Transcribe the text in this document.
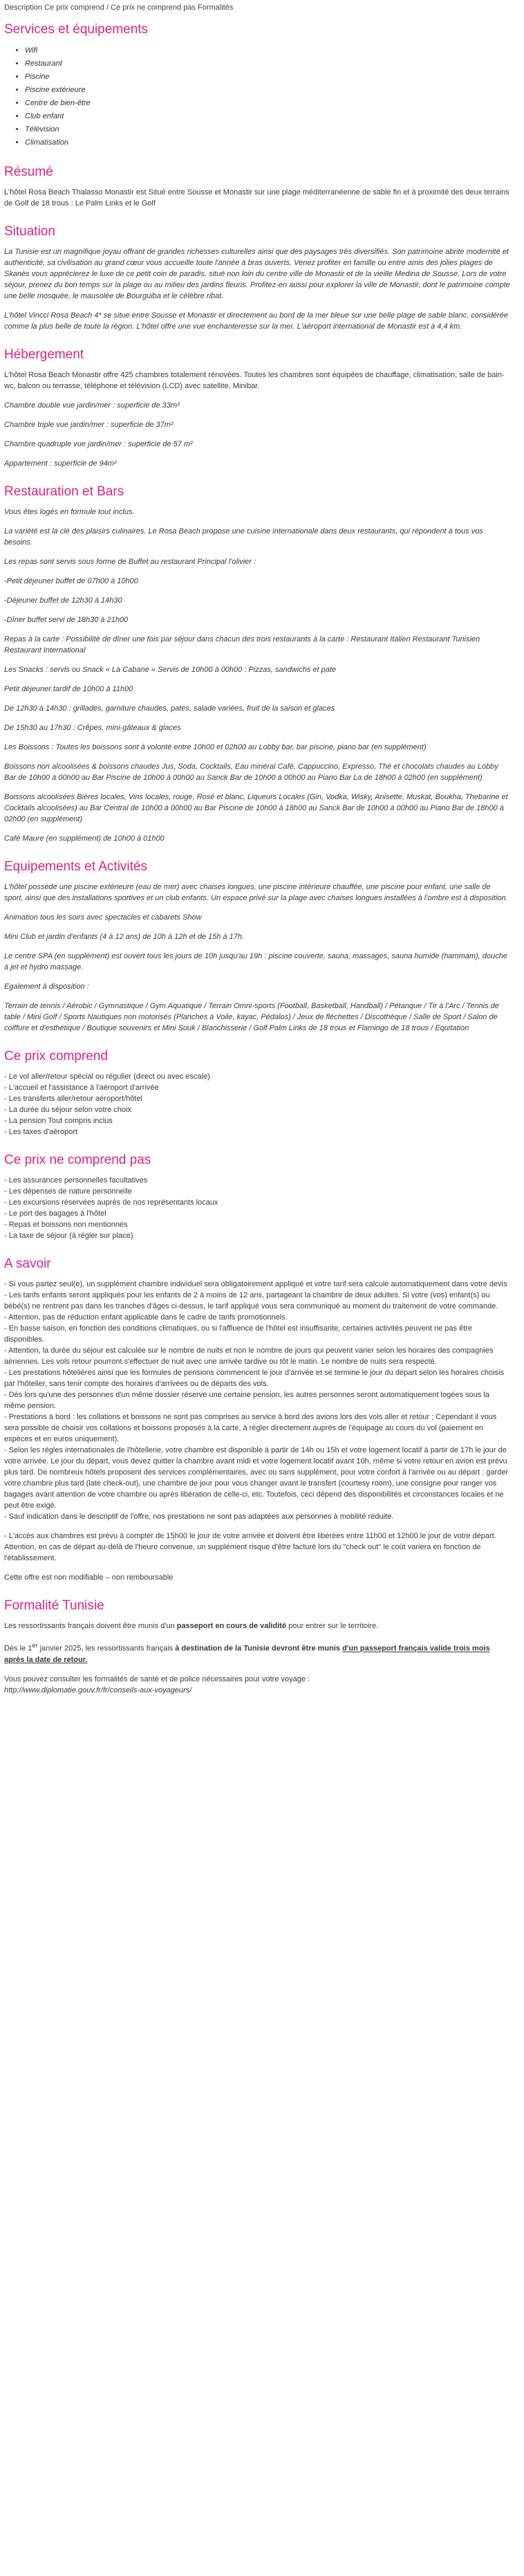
Description Ce prix comprend / Ce prix ne comprend pas Formalités
Services et équipements
• Wifi
• Restaurant
• Piscine
• Piscine extérieure
• Centre de bien-être
• Club enfant
• Télévision
• Climatisation
Résumé

L'hôtel Rosa Beach Thalasso Monastir est Situé entre Sousse et Monastir sur une plage méditerranéenne de sable fin et à proximité des deux terrains de Golf de 18 trous : Le Palm Links et le Golf

Situation

La Tunisie est un magnifique joyau offrant de grandes richesses culturelles ainsi que des paysages très diversifiés. Son patrimoine abrite modernité et authenticité, sa civilisation au grand cœur vous accueille toute l'année à bras ouverts. Venez profiter en famille ou entre amis des jolies plages de Skanès vous apprécierez le luxe de ce petit coin de paradis, situé non loin du centre ville de Monastir et de la vieille Medina de Sousse. Lors de votre séjour, prenez du bon temps sur la plage ou au milieu des jardins fleuris. Profitez-en aussi pour explorer la ville de Monastir, dont le patrimoine compte une belle mosquée, le mausolée de Bourguiba et le célèbre ribat.

L'hôtel Vincci Rosa Beach 4* se situe entre Sousse et Monastir et directement au bord de la mer bleue sur une belle plage de sable blanc, considérée comme la plus belle de toute la région. L'hôtel offre une vue enchanteresse sur la mer. L'aéroport international de Monastir est à 4,4 km.

Hébergement

L'hôtel Rosa Beach Monastir offre 425 chambres totalement rénovées. Toutes les chambres sont équipées de chauffage, climatisation, salle de bain-wc, balcon ou terrasse, téléphone et télévision (LCD) avec satellite, Minibar.

Chambre double vue jardin/mer : superficie de 33m²

Chambre triple vue jardin/mer : superficie de 37m²

Chambre quadruple vue jardin/mer : superficie de 57 m²

Appartement : superficie de 94m²

Restauration et Bars

Vous êtes logés en formule tout inclus.

La variété est la clé des plaisirs culinaires. Le Rosa Beach propose une cuisine internationale dans deux restaurants, qui répondent à tous vos besoins.

Les repas sont servis sous forme de Buffet au restaurant Principal l'olivier :

-Petit déjeuner buffet de 07h00 à 10h00

-Déjeuner buffet de 12h30 à 14h30

-Dîner buffet servi de 18h30 à 21h00

Repas à la carte : Possibilité de dîner une fois par séjour dans chacun des trois restaurants à la carte : Restaurant Italien Restaurant Tunisien Restaurant International

Les Snacks : servis ou Snack « La Cabane » Servis de 10h00 à 00h00 : Pizzas, sandwichs et pate

Petit déjeuner tardif de 10h00 à 11h00

De 12h30 à 14h30 : grillades, garniture chaudes, pates, salade variées, fruit de la saison et glaces

De 15h30 au 17h30 : Crêpes, mini-gâteaux & glaces

Les Boissons : Toutes les boissons sont à volonté entre 10h00 et 02h00 au Lobby bar, bar piscine, piano bar (en supplément)

Boissons non alcoolisées & boissons chaudes Jus, Soda, Cocktails, Eau minéral Café, Cappuccino, Expresso, Thé et chocolats chaudes au Lobby Bar de 10h00 à 00h00 au Bar Piscine de 10h00 à 00h00 au Sanck Bar de 10h00 à 00h00 au Piano Bar La de 18h00 à 02h00 (en supplément)

Boissons alcoolisées Bières locales, Vins locales, rouge, Rosé et blanc, Liqueurs Locales (Gin, Vodka, Wisky, Anisette, Muskat, Boukha, Thebarine et Cocktails alcoolisées) au Bar Central de 10h00 à 00h00 au Bar Piscine de 10h00 à 18h00 au Sanck Bar de 10h00 à 00h00 au Piano Bar de 18h00 à 02h00 (en supplément)

Café Maure (en supplément) de 10h00 à 01h00

Equipements et Activités

L'hôtel possède une piscine extérieure (eau de mer) avec chaises longues, une piscine intérieure chauffée, une piscine pour enfant, une salle de sport, ainsi que des installations sportives et un club enfants. Un espace privé sur la plage avec chaises longues installées à l'ombre est à disposition.

Animation tous les soirs avec spectacles et cabarets Show

Mini Club et jardin d'enfants (4 à 12 ans) de 10h à 12h et de 15h à 17h.

Le centre SPA (en supplément) est ouvert tous les jours de 10h jusqu'au 19h : piscine couverte, sauna, massages, sauna humide (hammam), douche à jet et hydro massage.

Egalement à disposition :

Terrain de tennis / Aérobic / Gymnastique / Gym Aquatique / Terrain Omni-sports (Football, Basketball, Handball) / Pétanque / Tir à l'Arc / Tennis de table / Mini Golf / Sports Nautiques non motorisés (Planches à Voile, kayac, Pédalos) / Jeux de fléchettes / Discothèque / Salle de Sport / Salon de coiffure et d'esthétique / Boutique souvenirs et Mini Souk / Blanchisserie / Golf Palm Links de 18 trous et Flamingo de 18 trous / Equitation

Ce prix comprend

- Le vol aller/retour spécial ou régulier (direct ou avec escale)

- L'accueil et l'assistance à l'aéroport d'arrivée

- Les transferts aller/retour aéroport/hôtel

- La durée du séjour selon votre choix

- La pension Tout compris inclus

- Les taxes d'aéroport

Ce prix ne comprend pas

- Les assurances personnelles facultatives

- Les dépenses de nature personnelle

- Les excursions réservées auprès de nos représentants locaux

- Le port des bagages à l'hôtel

- Repas et boissons non mentionnés

- La taxe de séjour (à régler sur place)

A savoir

- Si vous partez seul(e), un supplément chambre individuel sera obligatoirement appliqué et votre tarif sera calculé automatiquement dans votre devis

- Les tarifs enfants seront appliqués pour les enfants de 2 à moins de 12 ans, partageant la chambre de deux adultes. Si votre (vos) enfant(s) ou bébé(s) ne rentrent pas dans les tranches d'âges ci-dessus, le tarif appliqué vous sera communiqué au moment du traitement de votre commande.

- Attention, pas de réduction enfant applicable dans le cadre de tarifs promotionnels.

- En basse saison, en fonction des conditions climatiques, ou si l'affluence de l'hôtel est insuffisante, certaines activités peuvent ne pas être disponibles.

- Attention, la durée du séjour est calculée sur le nombre de nuits et non le nombre de jours qui peuvent varier selon les horaires des compagnies aériennes. Les vols retour pourront s'effectuer de nuit avec une arrivée tardive ou tôt le matin. Le nombre de nuits sera respecté.

- Les prestations hôtelières ainsi que les formules de pensions commencent le jour d'arrivée et se termine le jour du départ selon les horaires choisis par l'hôtelier, sans tenir compte des horaires d'arrivées ou de départs des vols.

- Dès lors qu'une des personnes d'un même dossier réserve une certaine pension, les autres personnes seront automatiquement logées sous la même pension.

- Prestations à bord : les collations et boissons ne sont pas comprises au service à bord des avions lors des vols aller et retour ; Cependant il vous sera possible de choisir vos collations et boissons proposés à la carte, à régler directement auprès de l'équipage au cours du vol (paiement en espèces et en euros uniquement).

- Selon les règles internationales de l'hôtellerie, votre chambre est disponible à partir de 14h ou 15h et votre logement locatif à partir de 17h le jour de votre arrivée. Le jour du départ, vous devez quitter la chambre avant midi et votre logement locatif avant 10h, même si votre retour en avion est prévu plus tard. De nombreux hôtels proposent des services complémentaires, avec ou sans supplément, pour votre confort à l'arrivée ou au départ : garder votre chambre plus tard (late check-out), une chambre de jour pour vous changer avant le transfert (courtesy room), une consigne pour ranger vos bagages avant attention de votre chambre ou après libération de celle-ci, etc. Toutefois, ceci dépend des disponibilités et circonstances locales et ne peut être exigé.

- Sauf indication dans le descriptif de l'offre, nos prestations ne sont pas adaptées aux personnes à mobilité réduite.

- L'accès aux chambres est prévu à compter de 15h00 le jour de votre arrivée et doivent être libérées entre 11h00 et 12h00 le jour de votre départ. Attention, en cas de départ au-delà de l'heure convenue, un supplément risque d'être facturé lors du "check out" le coût variera en fonction de l'établissement.

Cette offre est non modifiable – non remboursable

Formalité Tunisie

Les ressortissants français doivent être munis d'un passeport en cours de validité pour entrer sur le territoire.

Dès le 1er janvier 2025, les ressortissants français à destination de la Tunisie devront être munis d'un passeport français valide trois mois après la date de retour.

Vous pouvez consulter les formalités de santé et de police nécessaires pour votre voyage :
http://www.diplomatie.gouv.fr/fr/conseils-aux-voyageurs/
